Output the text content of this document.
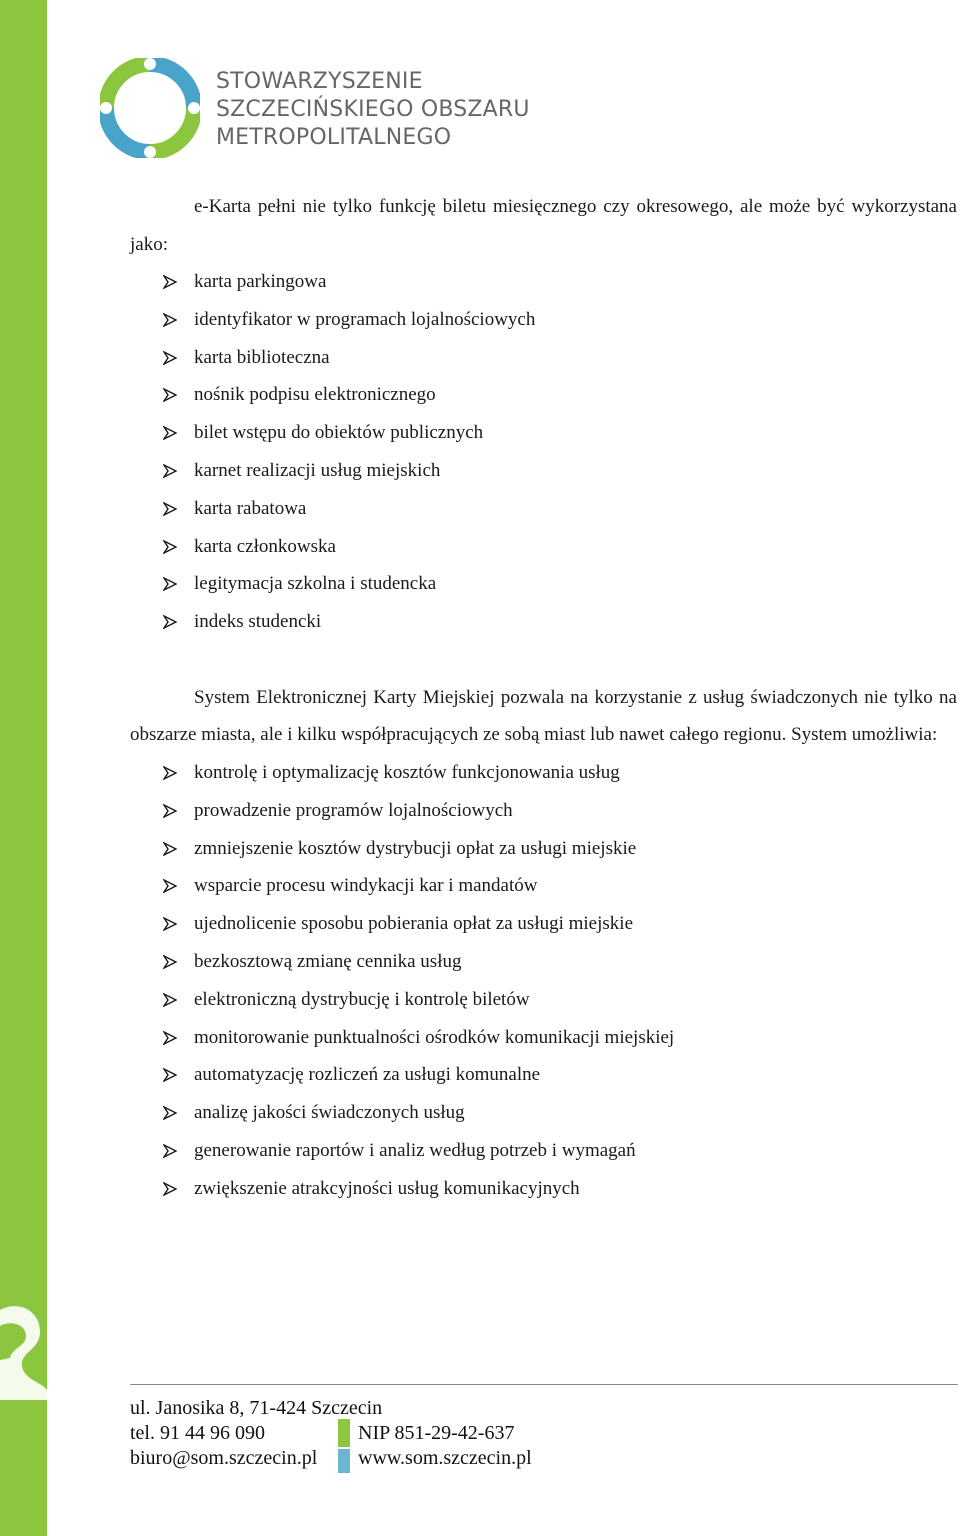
STOWARZYSZENIE
SZCZECIŃSKIEGO OBSZARU
METROPOLITALNEGO

e-Karta pełni nie tylko funkcję biletu miesięcznego czy okresowego, ale może być wykorzystana jako:

karta parkingowa
identyfikator w programach lojalnościowych
karta biblioteczna
nośnik podpisu elektronicznego
bilet wstępu do obiektów publicznych
karnet realizacji usług miejskich
karta rabatowa
karta członkowska
legitymacja szkolna i studencka
indeks studencki

System Elektronicznej Karty Miejskiej pozwala na korzystanie z usług świadczonych nie tylko na obszarze miasta, ale i kilku współpracujących ze sobą miast lub nawet całego regionu. System umożliwia:

kontrolę i optymalizację kosztów funkcjonowania usług
prowadzenie programów lojalnościowych
zmniejszenie kosztów dystrybucji opłat za usługi miejskie
wsparcie procesu windykacji kar i mandatów
ujednolicenie sposobu pobierania opłat za usługi miejskie
bezkosztową zmianę cennika usług
elektroniczną dystrybucję i kontrolę biletów
monitorowanie punktualności ośrodków komunikacji miejskiej
automatyzację rozliczeń za usługi komunalne
analizę jakości świadczonych usług
generowanie raportów i analiz według potrzeb i wymagań
zwiększenie atrakcyjności usług komunikacyjnych
ul. Janosika 8, 71-424 Szczecin
tel. 91 44 96 090	NIP 851-29-42-637
biuro@som.szczecin.pl www.som.szczecin.pl
